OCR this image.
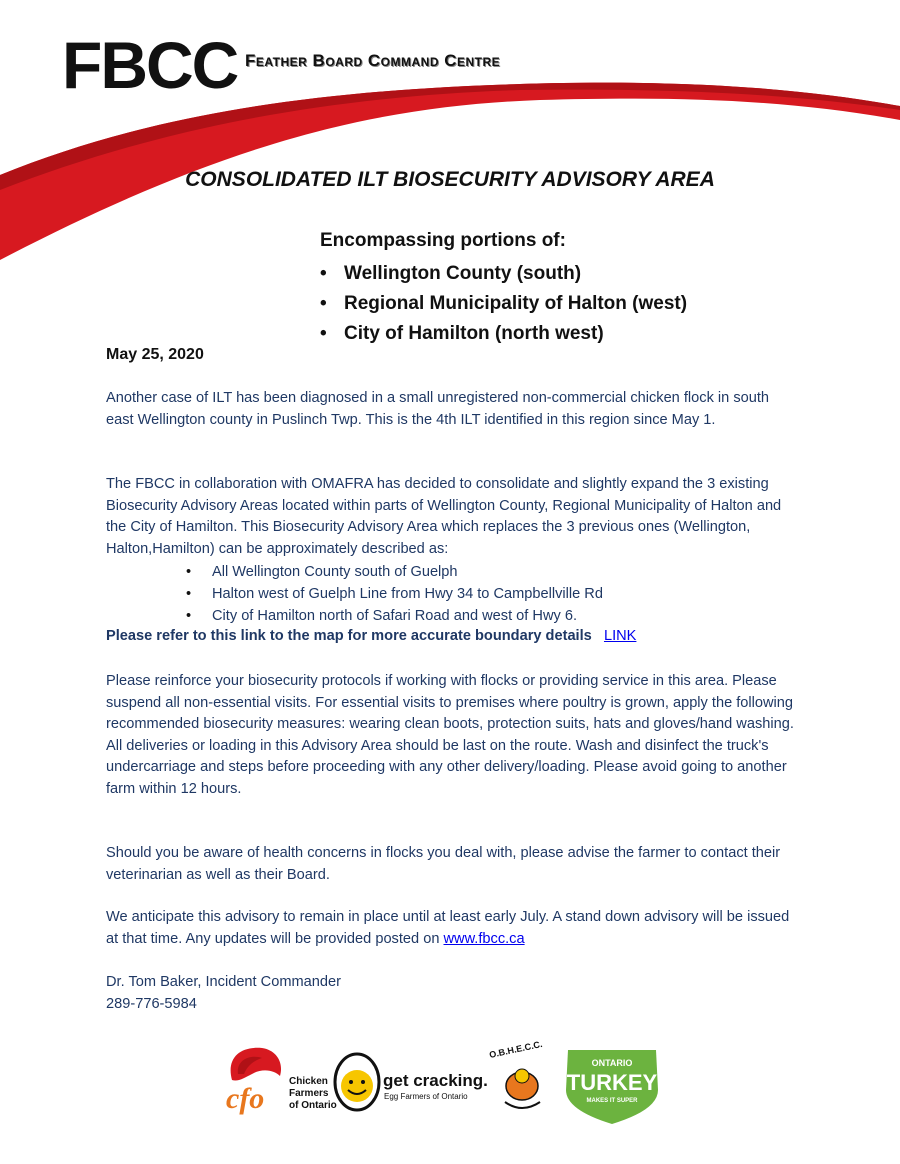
FBCC Feather Board Command Centre
CONSOLIDATED ILT BIOSECURITY ADVISORY AREA

Encompassing portions of:

• Wellington County (south)
• Regional Municipality of Halton (west)
• City of Hamilton (north west)
May 25, 2020
Another case of ILT has been diagnosed in a small unregistered non-commercial chicken flock in south east Wellington county in Puslinch Twp. This is the 4th ILT identified in this region since May 1.
The FBCC in collaboration with OMAFRA has decided to consolidate and slightly expand the 3 existing Biosecurity Advisory Areas located within parts of Wellington County, Regional Municipality of Halton and the City of Hamilton. This Biosecurity Advisory Area which replaces the 3 previous ones (Wellington, Halton,Hamilton) can be approximately described as:
• All Wellington County south of Guelph
• Halton west of Guelph Line from Hwy 34 to Campbellville Rd
• City of Hamilton north of Safari Road and west of Hwy 6.
Please refer to this link to the map for more accurate boundary details LINK
Please reinforce your biosecurity protocols if working with flocks or providing service in this area. Please suspend all non-essential visits. For essential visits to premises where poultry is grown, apply the following recommended biosecurity measures: wearing clean boots, protection suits, hats and gloves/hand washing. All deliveries or loading in this Advisory Area should be last on the route. Wash and disinfect the truck's undercarriage and steps before proceeding with any other delivery/loading. Please avoid going to another farm within 12 hours.
Should you be aware of health concerns in flocks you deal with, please advise the farmer to contact their veterinarian as well as their Board.
We anticipate this advisory to remain in place until at least early July. A stand down advisory will be issued at that time. Any updates will be provided posted on www.fbcc.ca
Dr. Tom Baker, Incident Commander
289-776-5984
cfo
Chicken
Farmers
of Ontario
get cracking.
Egg Farmers of Ontario
O.B.H.E.C.C.
ONTARIO
TURKEY
MAKES IT SUPER
